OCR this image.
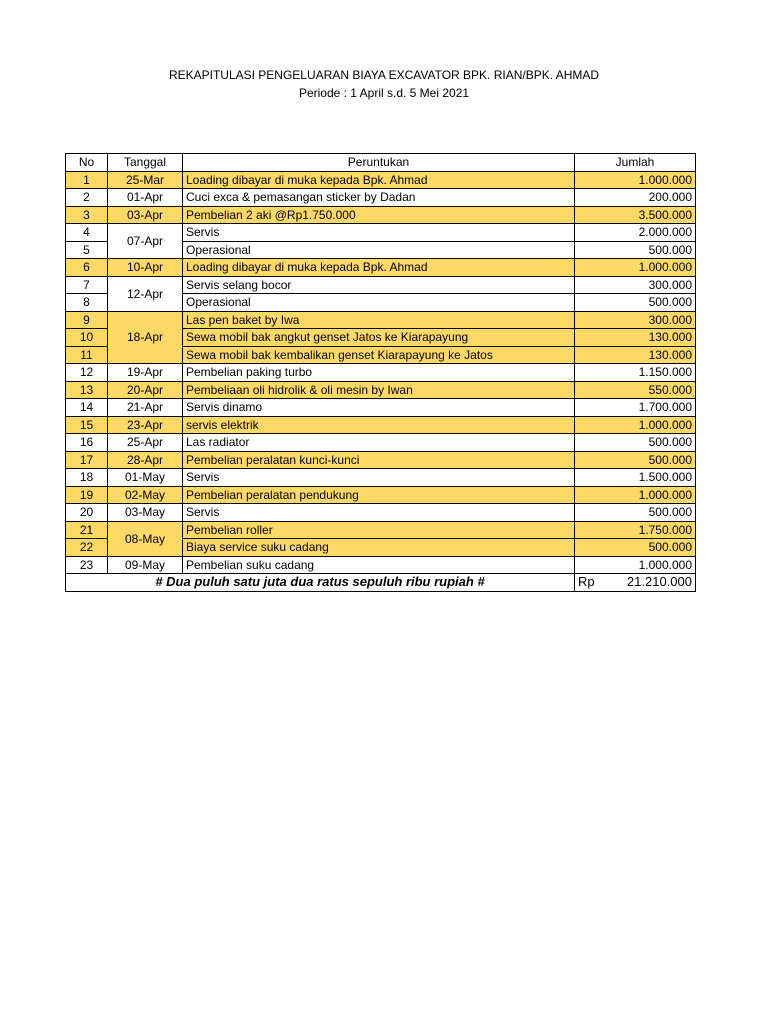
REKAPITULASI PENGELUARAN BIAYA EXCAVATOR BPK. RIAN/BPK. AHMAD
Periode : 1 April s.d. 5 Mei 2021
No	Tanggal	Peruntukan	Jumlah
1	25-Mar	Loading dibayar di muka kepada Bpk. Ahmad	1.000.000
2	01-Apr	Cuci exca & pemasangan sticker by Dadan	200.000
3	03-Apr	Pembelian 2 aki @Rp1.750.000	3.500.000
4	07-Apr	Servis	2.000.000
5		Operasional	500.000
6	10-Apr	Loading dibayar di muka kepada Bpk. Ahmad	1.000.000
7	12-Apr	Servis selang bocor	300.000
8		Operasional	500.000
9	18-Apr	Las pen baket by Iwa	300.000
10		Sewa mobil bak angkut genset Jatos ke Kiarapayung	130.000
11		Sewa mobil bak kembalikan genset Kiarapayung ke Jatos	130.000
12	19-Apr	Pembelian paking turbo	1.150.000
13	20-Apr	Pembeliaan oli hidrolik & oli mesin by Iwan	550.000
14	21-Apr	Servis dinamo	1.700.000
15	23-Apr	servis elektrik	1.000.000
16	25-Apr	Las radiator	500.000
17	28-Apr	Pembelian peralatan kunci-kunci	500.000
18	01-May	Servis	1.500.000
19	02-May	Pembelian peralatan pendukung	1.000.000
20	03-May	Servis	500.000
21	08-May	Pembelian roller	1.750.000
22		Biaya service suku cadang	500.000
23	09-May	Pembelian suku cadang	1.000.000
# Dua puluh satu juta dua ratus sepuluh ribu rupiah #			Rp 21.210.000
